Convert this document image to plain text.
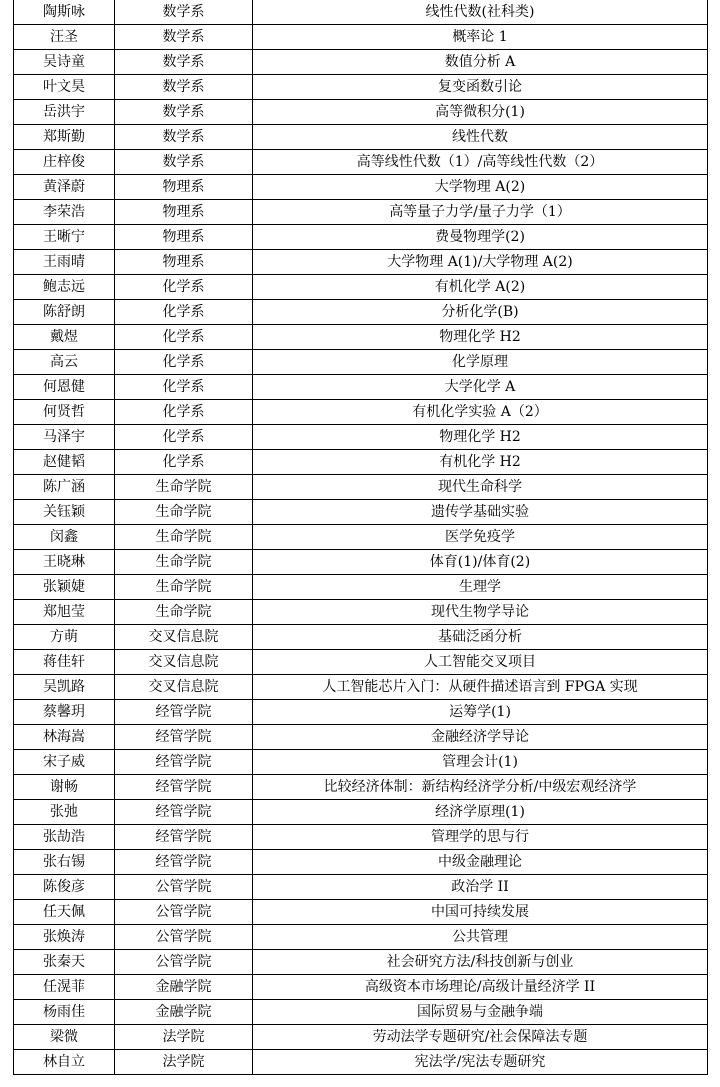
陶斯咏	数学系	线性代数(社科类)
汪圣	数学系	概率论 1
吴诗童	数学系	数值分析 A
叶文昊	数学系	复变函数引论
岳洪宇	数学系	高等微积分(1)
郑斯勤	数学系	线性代数
庄梓俊	数学系	高等线性代数（1）/高等线性代数（2）
黄泽蔚	物理系	大学物理 A(2)
李荣浩	物理系	高等量子力学/量子力学（1）
王晰宁	物理系	费曼物理学(2)
王雨晴	物理系	大学物理 A(1)/大学物理 A(2)
鲍志远	化学系	有机化学 A(2)
陈舒朗	化学系	分析化学(B)
戴煜	化学系	物理化学 H2
高云	化学系	化学原理
何恩健	化学系	大学化学 A
何贤哲	化学系	有机化学实验 A（2）
马泽宇	化学系	物理化学 H2
赵健韬	化学系	有机化学 H2
陈广涵	生命学院	现代生命科学
关钰颖	生命学院	遗传学基础实验
闵鑫	生命学院	医学免疫学
王晓琳	生命学院	体育(1)/体育(2)
张颖婕	生命学院	生理学
郑旭莹	生命学院	现代生物学导论
方萌	交叉信息院	基础泛函分析
蒋佳轩	交叉信息院	人工智能交叉项目
吴凯路	交叉信息院	人工智能芯片入门：从硬件描述语言到 FPGA 实现
蔡馨玥	经管学院	运筹学(1)
林海嵩	经管学院	金融经济学导论
宋子威	经管学院	管理会计(1)
谢畅	经管学院	比较经济体制：新结构经济学分析/中级宏观经济学
张弛	经管学院	经济学原理(1)
张劼浩	经管学院	管理学的思与行
张右锡	经管学院	中级金融理论
陈俊彦	公管学院	政治学 II
任天佩	公管学院	中国可持续发展
张焕涛	公管学院	公共管理
张秦天	公管学院	社会研究方法/科技创新与创业
任滉菲	金融学院	高级资本市场理论/高级计量经济学 II
杨雨佳	金融学院	国际贸易与金融争端
梁微	法学院	劳动法学专题研究/社会保障法专题
林自立	法学院	宪法学/宪法专题研究
